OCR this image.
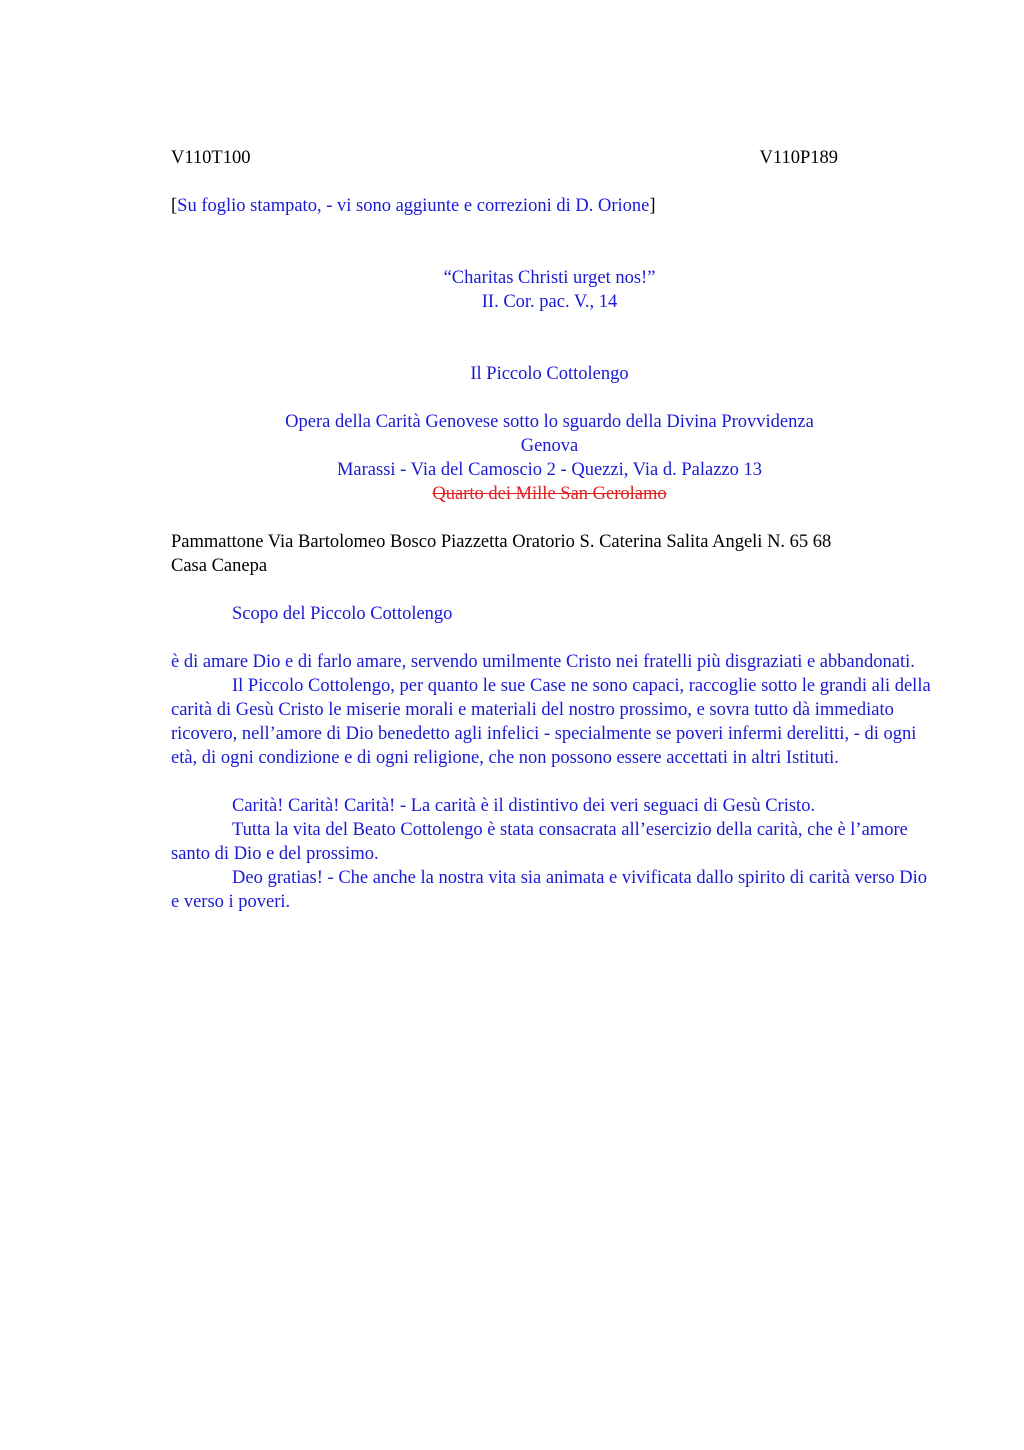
V110T100	V110P189

[Su foglio stampato, - vi sono aggiunte e correzioni di D. Orione]

“Charitas Christi urget nos!”

II. Cor. pac. V., 14

Il Piccolo Cottolengo

Opera della Carità Genovese sotto lo sguardo della Divina Provvidenza

Genova

Marassi - Via del Camoscio 2 - Quezzi, Via d. Palazzo 13

Quarto dei Mille San Gerolamo

Pammattone Via Bartolomeo Bosco Piazzetta Oratorio S. Caterina Salita Angeli N. 65 68

Casa Canepa

Scopo del Piccolo Cottolengo

è di amare Dio e di farlo amare, servendo umilmente Cristo nei fratelli più disgraziati e abbandonati.

Il Piccolo Cottolengo, per quanto le sue Case ne sono capaci, raccoglie sotto le grandi ali della carità di Gesù Cristo le miserie morali e materiali del nostro prossimo, e sovra tutto dà immediato ricovero, nell’amore di Dio benedetto agli infelici - specialmente se poveri infermi derelitti, - di ogni età, di ogni condizione e di ogni religione, che non possono essere accettati in altri Istituti.

Carità! Carità! Carità! - La carità è il distintivo dei veri seguaci di Gesù Cristo.

Tutta la vita del Beato Cottolengo è stata consacrata all’esercizio della carità, che è l’amore santo di Dio e del prossimo.

Deo gratias! - Che anche la nostra vita sia animata e vivificata dallo spirito di carità verso Dio e verso i poveri.
